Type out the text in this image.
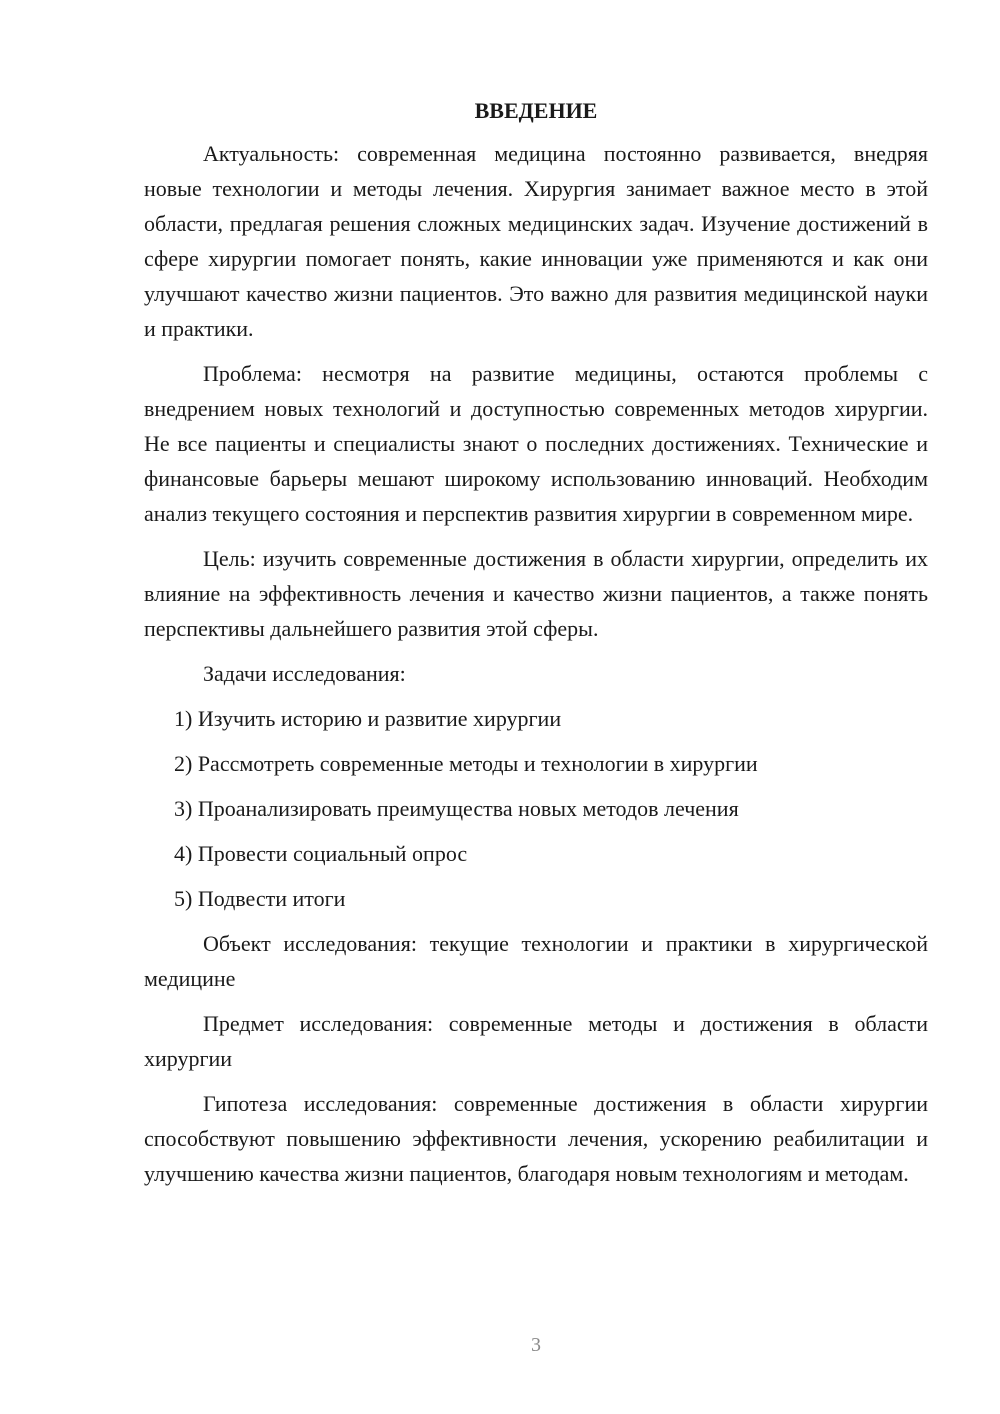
ВВЕДЕНИЕ

Актуальность: современная медицина постоянно развивается, внедряя новые технологии и методы лечения. Хирургия занимает важное место в этой области, предлагая решения сложных медицинских задач. Изучение достижений в сфере хирургии помогает понять, какие инновации уже применяются и как они улучшают качество жизни пациентов. Это важно для развития медицинской науки и практики.

Проблема: несмотря на развитие медицины, остаются проблемы с внедрением новых технологий и доступностью современных методов хирургии. Не все пациенты и специалисты знают о последних достижениях. Технические и финансовые барьеры мешают широкому использованию инноваций. Необходим анализ текущего состояния и перспектив развития хирургии в современном мире.

Цель: изучить современные достижения в области хирургии, определить их влияние на эффективность лечения и качество жизни пациентов, а также понять перспективы дальнейшего развития этой сферы.

Задачи исследования:

1) Изучить историю и развитие хирургии
2) Рассмотреть современные методы и технологии в хирургии
3) Проанализировать преимущества новых методов лечения
4) Провести социальный опрос
5) Подвести итоги

Объект исследования: текущие технологии и практики в хирургической медицине

Предмет исследования: современные методы и достижения в области хирургии

Гипотеза исследования: современные достижения в области хирургии способствуют повышению эффективности лечения, ускорению реабилитации и улучшению качества жизни пациентов, благодаря новым технологиям и методам.

3
